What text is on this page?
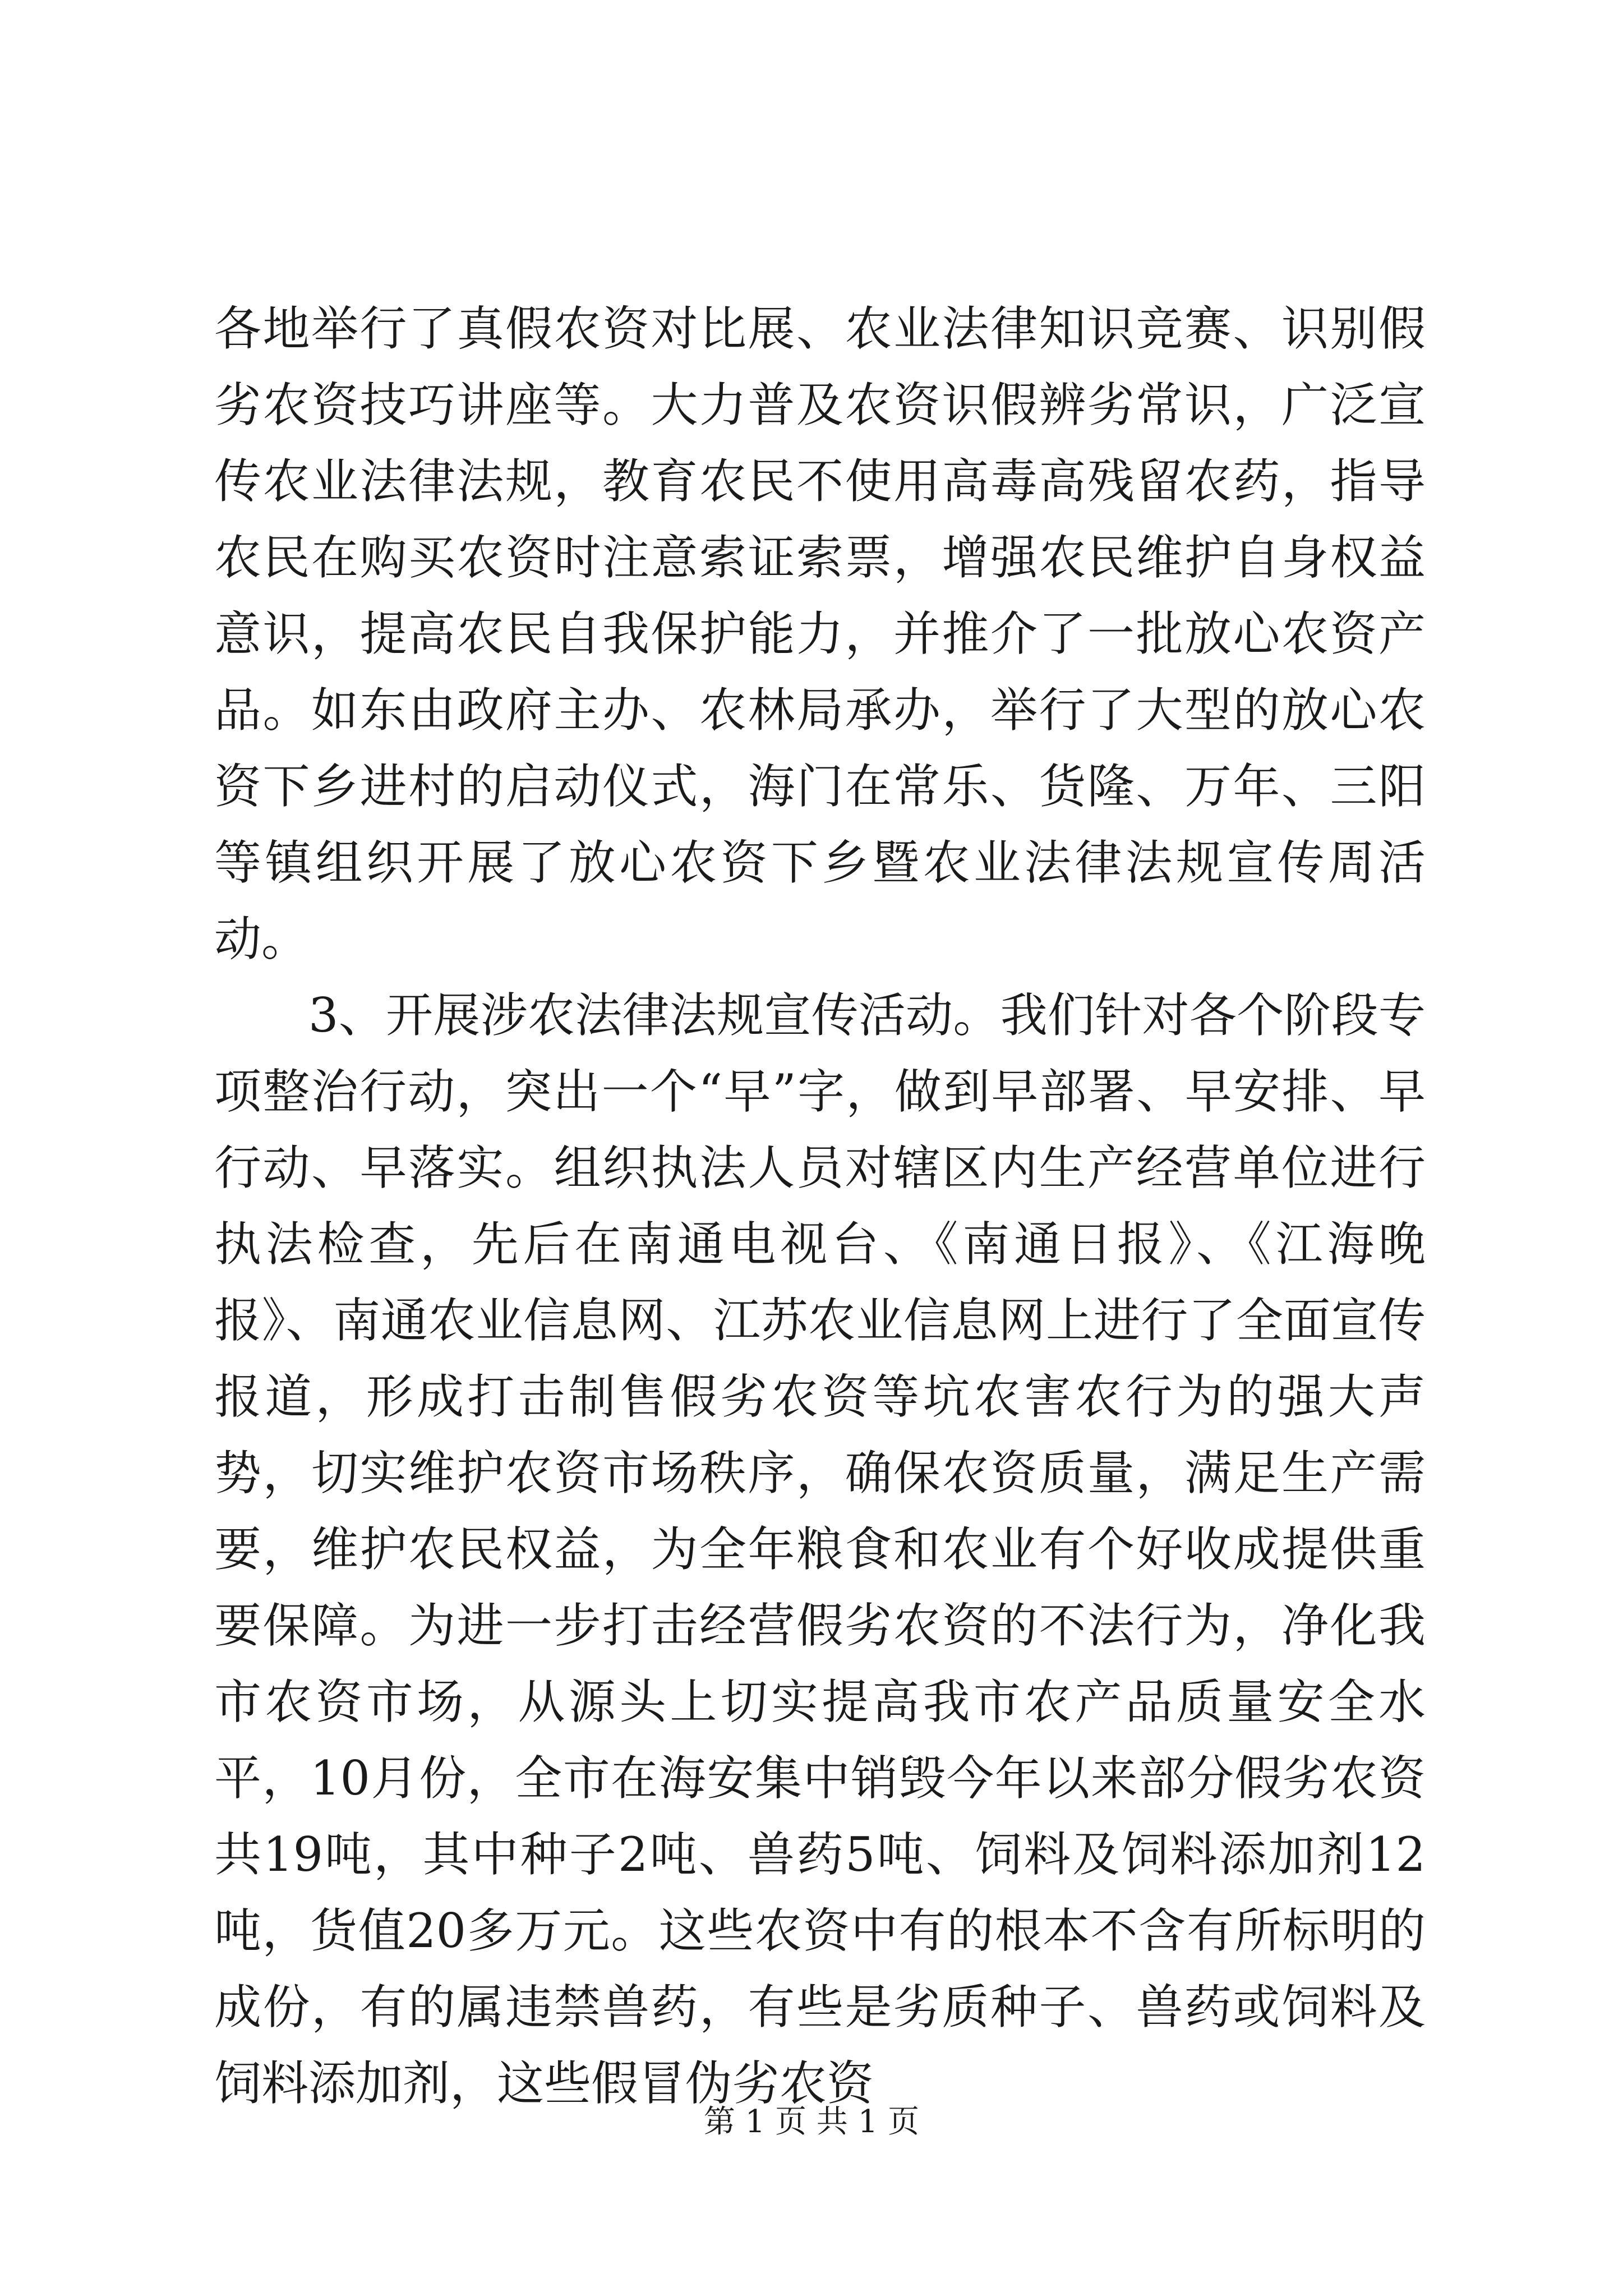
各地举行了真假农资对比展、农业法律知识竞赛、识别假劣农资技巧讲座等。大力普及农资识假辨劣常识，广泛宣传农业法律法规，教育农民不使用高毒高残留农药，指导农民在购买农资时注意索证索票，增强农民维护自身权益意识，提高农民自我保护能力，并推介了一批放心农资产品。如东由政府主办、农林局承办，举行了大型的放心农资下乡进村的启动仪式，海门在常乐、货隆、万年、三阳等镇组织开展了放心农资下乡暨农业法律法规宣传周活动。

3、开展涉农法律法规宣传活动。我们针对各个阶段专项整治行动，突出一个“早”字，做到早部署、早安排、早行动、早落实。组织执法人员对辖区内生产经营单位进行执法检查，先后在南通电视台、《南通日报》、《江海晚报》、南通农业信息网、江苏农业信息网上进行了全面宣传报道，形成打击制售假劣农资等坑农害农行为的强大声势，切实维护农资市场秩序，确保农资质量，满足生产需要，维护农民权益，为全年粮食和农业有个好收成提供重要保障。为进一步打击经营假劣农资的不法行为，净化我市农资市场，从源头上切实提高我市农产品质量安全水平，10月份，全市在海安集中销毁今年以来部分假劣农资共19吨，其中种子2吨、兽药5吨、饲料及饲料添加剂12吨，货值20多万元。这些农资中有的根本不含有所标明的成份，有的属违禁兽药，有些是劣质种子、兽药或饲料及饲料添加剂，这些假冒伪劣农资

第 1 页 共 1 页
